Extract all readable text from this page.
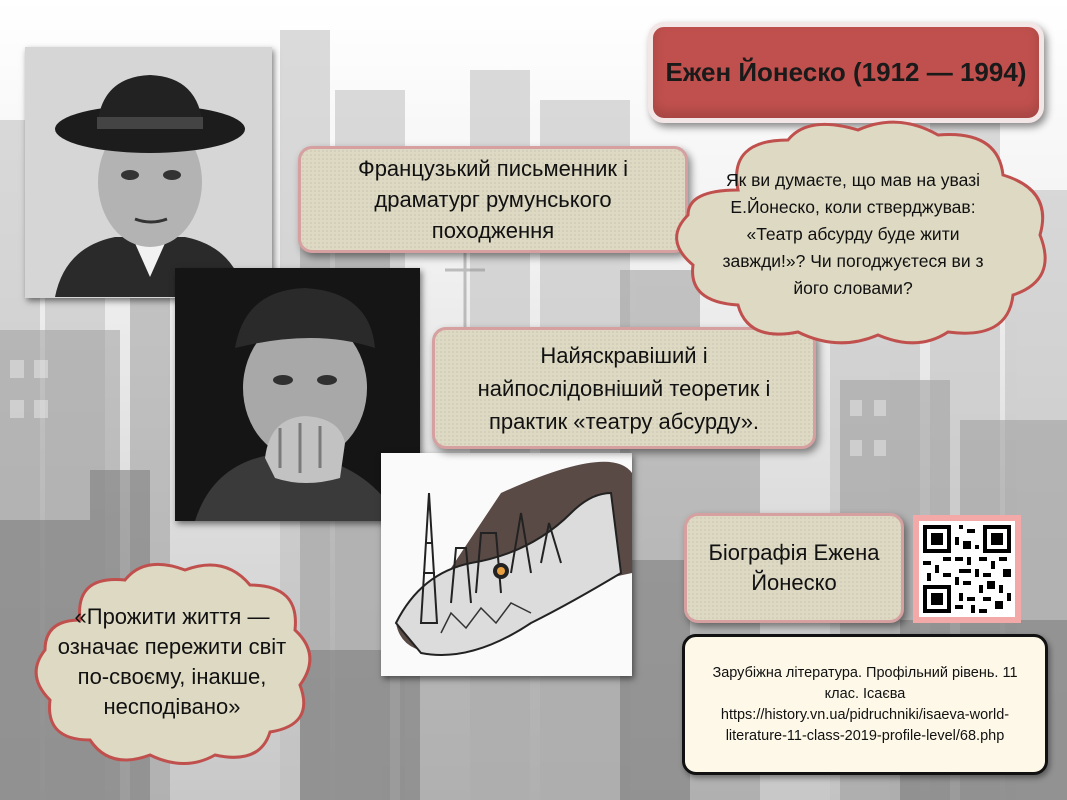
Ежен Йонеско (1912 — 1994)
Французький письменник і драматург румунського походження
Найяскравіший і найпослідовніший теоретик і практик «театру абсурду».
Як ви думаєте, що мав на увазі Е.Йонеско, коли стверджував: «Театр абсурду буде жити завжди!»? Чи погоджуєтеся ви з його словами?
«Прожити життя — означає пережити світ по-своєму, інакше, несподівано»
Біографія Ежена Йонеско
Зарубіжна література. Профільний рівень. 11 клас. Ісаєва https://history.vn.ua/pidruchniki/isaeva-world-literature-11-class-2019-profile-level/68.php
